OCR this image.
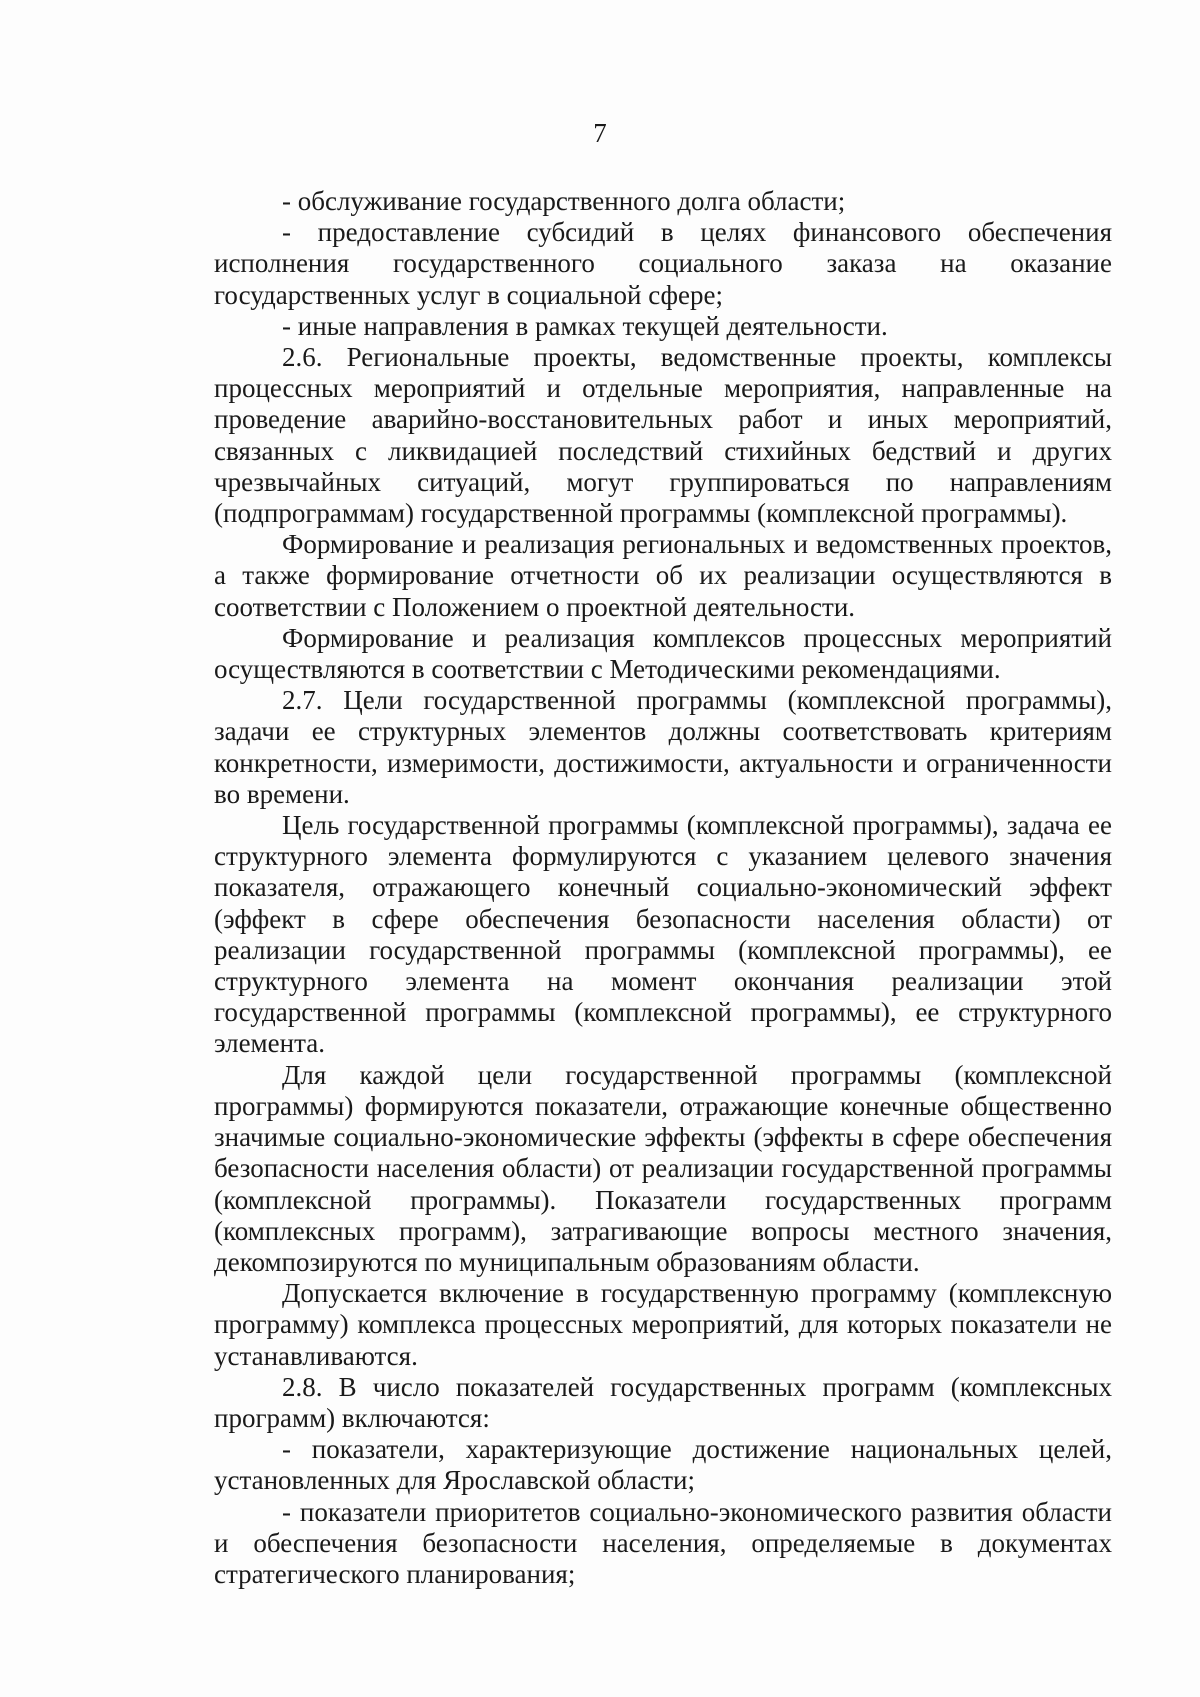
7

- обслуживание государственного долга области;

- предоставление субсидий в целях финансового обеспечения исполнения государственного социального заказа на оказание государственных услуг в социальной сфере;

- иные направления в рамках текущей деятельности.

2.6. Региональные проекты, ведомственные проекты, комплексы процессных мероприятий и отдельные мероприятия, направленные на проведение аварийно-восстановительных работ и иных мероприятий, связанных с ликвидацией последствий стихийных бедствий и других чрезвычайных ситуаций, могут группироваться по направлениям (подпрограммам) государственной программы (комплексной программы).

Формирование и реализация региональных и ведомственных проектов, а также формирование отчетности об их реализации осуществляются в соответствии с Положением о проектной деятельности.

Формирование и реализация комплексов процессных мероприятий осуществляются в соответствии с Методическими рекомендациями.

2.7. Цели государственной программы (комплексной программы), задачи ее структурных элементов должны соответствовать критериям конкретности, измеримости, достижимости, актуальности и ограниченности во времени.

Цель государственной программы (комплексной программы), задача ее структурного элемента формулируются с указанием целевого значения показателя, отражающего конечный социально-экономический эффект (эффект в сфере обеспечения безопасности населения области) от реализации государственной программы (комплексной программы), ее структурного элемента на момент окончания реализации этой государственной программы (комплексной программы), ее структурного элемента.

Для каждой цели государственной программы (комплексной программы) формируются показатели, отражающие конечные общественно значимые социально-экономические эффекты (эффекты в сфере обеспечения безопасности населения области) от реализации государственной программы (комплексной программы). Показатели государственных программ (комплексных программ), затрагивающие вопросы местного значения, декомпозируются по муниципальным образованиям области.

Допускается включение в государственную программу (комплексную программу) комплекса процессных мероприятий, для которых показатели не устанавливаются.

2.8. В число показателей государственных программ (комплексных программ) включаются:

- показатели, характеризующие достижение национальных целей, установленных для Ярославской области;

- показатели приоритетов социально-экономического развития области и обеспечения безопасности населения, определяемые в документах стратегического планирования;
